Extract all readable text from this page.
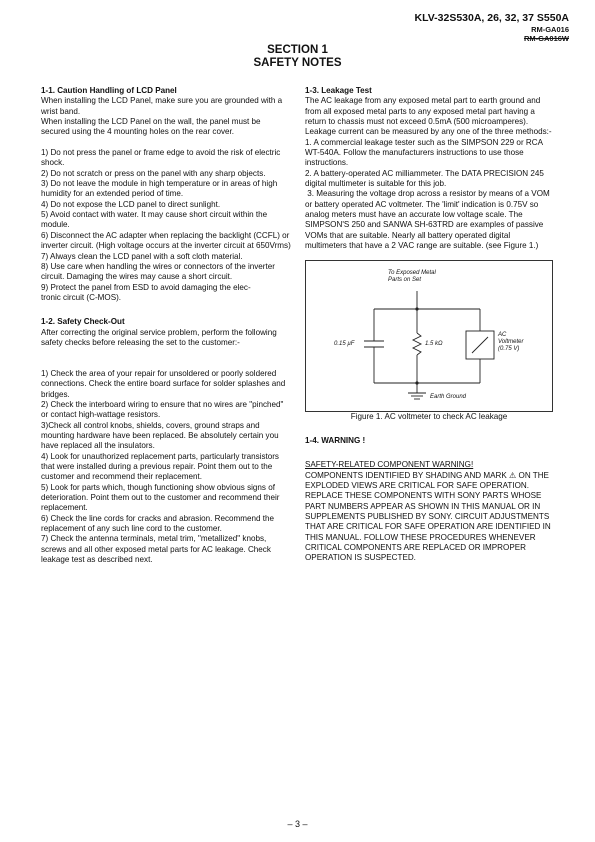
KLV-32S530A, 26, 32, 37 S550A
RM-GA016
RM-GA016W
SECTION 1
SAFETY NOTES

1-1. Caution Handling of LCD Panel

When installing the LCD Panel, make sure you are grounded with a wrist band.

When installing the LCD Panel on the wall, the panel must be secured using the 4 mounting holes on the rear cover.

1) Do not press the panel or frame edge to avoid the risk of electric shock.

2) Do not scratch or press on the panel with any sharp objects.

3) Do not leave the module in high temperature or in areas of high humidity for an extended period of time.

4) Do not expose the LCD panel to direct sunlight.

5) Avoid contact with water. It may cause short circuit within the module.

6) Disconnect the AC adapter when replacing the backlight (CCFL) or inverter circuit. (High voltage occurs at the inverter circuit at 650Vrms)

7) Always clean the LCD panel with a soft cloth material.

8) Use care when handling the wires or connectors of the inverter circuit. Damaging the wires may cause a short circuit.

9) Protect the panel from ESD to avoid damaging the elec-
tronic circuit (C-MOS).

1-2. Safety Check-Out

After correcting the original service problem, perform the following safety checks before releasing the set to the customer:-

1) Check the area of your repair for unsoldered or poorly soldered connections. Check the entire board surface for solder splashes and bridges.

2) Check the interboard wiring to ensure that no wires are "pinched" or contact high-wattage resistors.

3)Check all control knobs, shields, covers, ground straps and mounting hardware have been replaced. Be absolutely certain you have replaced all the insulators.

4) Look for unauthorized replacement parts, particularly transistors that were installed during a previous repair. Point them out to the customer and recommend their replacement.

5) Look for parts which, though functioning show obvious signs of deterioration. Point them out to the customer and recommend their replacement.

6) Check the line cords for cracks and abrasion. Recommend the replacement of any such line cord to the customer.

7) Check the antenna terminals, metal trim, "metallized" knobs, screws and all other exposed metal parts for AC leakage. Check leakage test as described next.

1-3. Leakage Test

The AC leakage from any exposed metal part to earth ground and from all exposed metal parts to any exposed metal part having a return to chassis must not exceed 0.5mA (500 microamperes). Leakage current can be measured by any one of the three methods:-

1. A commercial leakage tester such as the SIMPSON 229 or RCA WT-540A. Follow the manufacturers instructions to use those instructions.

2. A battery-operated AC milliammeter. The DATA PRECISION 245 digital multimeter is suitable for this job.

3. Measuring the voltage drop across a resistor by means of a VOM or battery operated AC voltmeter. The 'limit' indication is 0.75V so analog meters must have an accurate low voltage scale. The SIMPSON'S 250 and SANWA SH-63TRD are examples of passive VOMs that are suitable. Nearly all battery operated digital multimeters that have a 2 VAC range are suitable. (see Figure 1.)

To Exposed Metal
Parts on Set
0.15 µF	1.5 kΩ
AC
Voltmeter
(0.75 V)
Earth Ground

Figure 1. AC voltmeter to check AC leakage

1-4. WARNING !

SAFETY-RELATED COMPONENT WARNING!

COMPONENTS IDENTIFIED BY SHADING AND MARK ⚠ ON THE EXPLODED VIEWS ARE CRITICAL FOR SAFE OPERATION. REPLACE THESE COMPONENTS WITH SONY PARTS WHOSE PART NUMBERS APPEAR AS SHOWN IN THIS MANUAL OR IN SUPPLEMENTS PUBLISHED BY SONY. CIRCUIT ADJUSTMENTS THAT ARE CRITICAL FOR SAFE OPERATION ARE IDENTIFIED IN THIS MANUAL. FOLLOW THESE PROCEDURES WHENEVER CRITICAL COMPONENTS ARE REPLACED OR IMPROPER OPERATION IS SUSPECTED.

– 3 –
